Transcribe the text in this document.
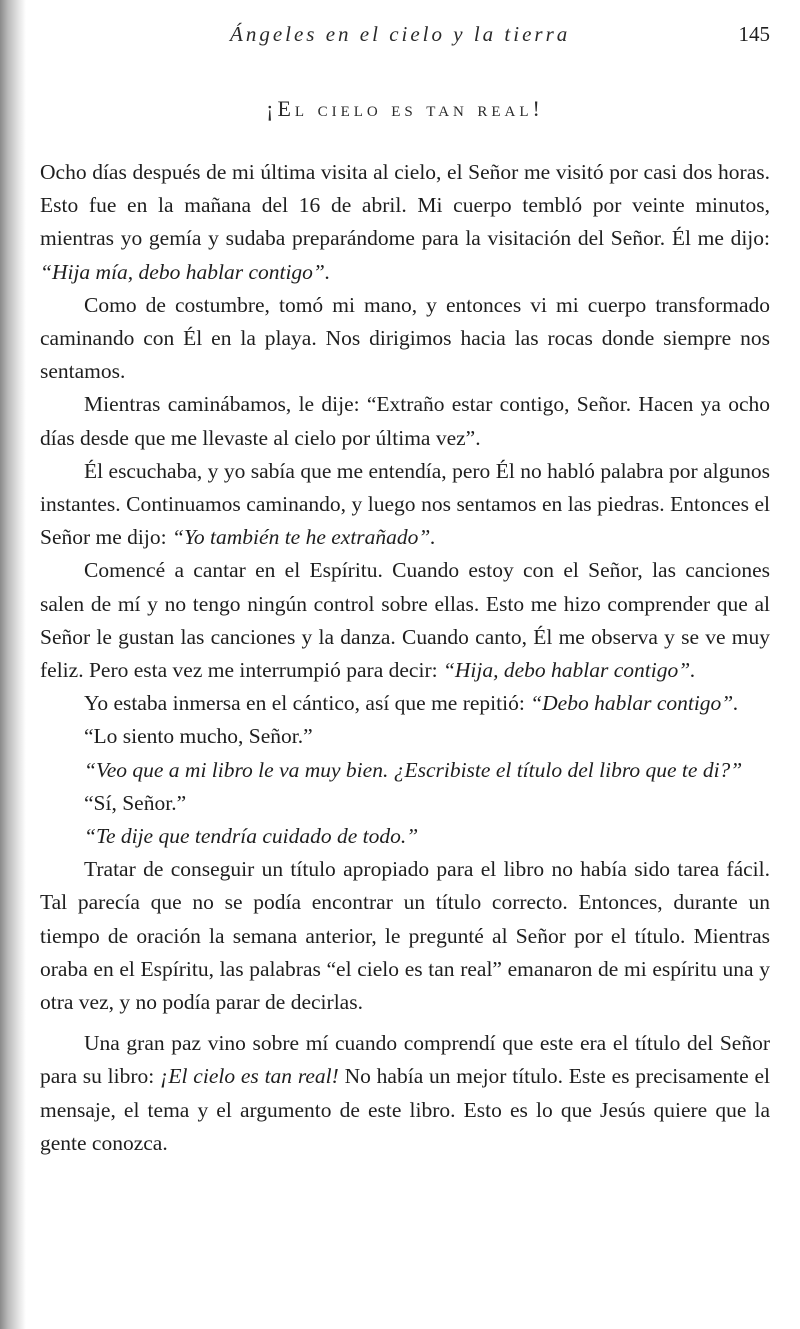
Ángeles en el cielo y la tierra	145
¡El cielo es tan real!

Ocho días después de mi última visita al cielo, el Señor me visitó por casi dos horas. Esto fue en la mañana del 16 de abril. Mi cuerpo tembló por veinte minutos, mientras yo gemía y sudaba preparándome para la visitación del Señor. Él me dijo: “Hija mía, debo hablar contigo”.

Como de costumbre, tomó mi mano, y entonces vi mi cuerpo transformado caminando con Él en la playa. Nos dirigimos hacia las rocas donde siempre nos sentamos.

Mientras caminábamos, le dije: “Extraño estar contigo, Señor. Hacen ya ocho días desde que me llevaste al cielo por última vez”.

Él escuchaba, y yo sabía que me entendía, pero Él no habló palabra por algunos instantes. Continuamos caminando, y luego nos sentamos en las piedras. Entonces el Señor me dijo: “Yo también te he extrañado”.

Comencé a cantar en el Espíritu. Cuando estoy con el Señor, las canciones salen de mí y no tengo ningún control sobre ellas. Esto me hizo comprender que al Señor le gustan las canciones y la danza. Cuando canto, Él me observa y se ve muy feliz. Pero esta vez me interrumpió para decir: “Hija, debo hablar contigo”.

Yo estaba inmersa en el cántico, así que me repitió: “Debo hablar contigo”.

“Lo siento mucho, Señor.”

“Veo que a mi libro le va muy bien. ¿Escribiste el título del libro que te di?”

“Sí, Señor.”

“Te dije que tendría cuidado de todo.”

Tratar de conseguir un título apropiado para el libro no había sido tarea fácil. Tal parecía que no se podía encontrar un título correcto. Entonces, durante un tiempo de oración la semana anterior, le pregunté al Señor por el título. Mientras oraba en el Espíritu, las palabras “el cielo es tan real” emanaron de mi espíritu una y otra vez, y no podía parar de decirlas.

Una gran paz vino sobre mí cuando comprendí que este era el título del Señor para su libro: ¡El cielo es tan real! No había un mejor título. Este es precisamente el mensaje, el tema y el argumento de este libro. Esto es lo que Jesús quiere que la gente conozca.
